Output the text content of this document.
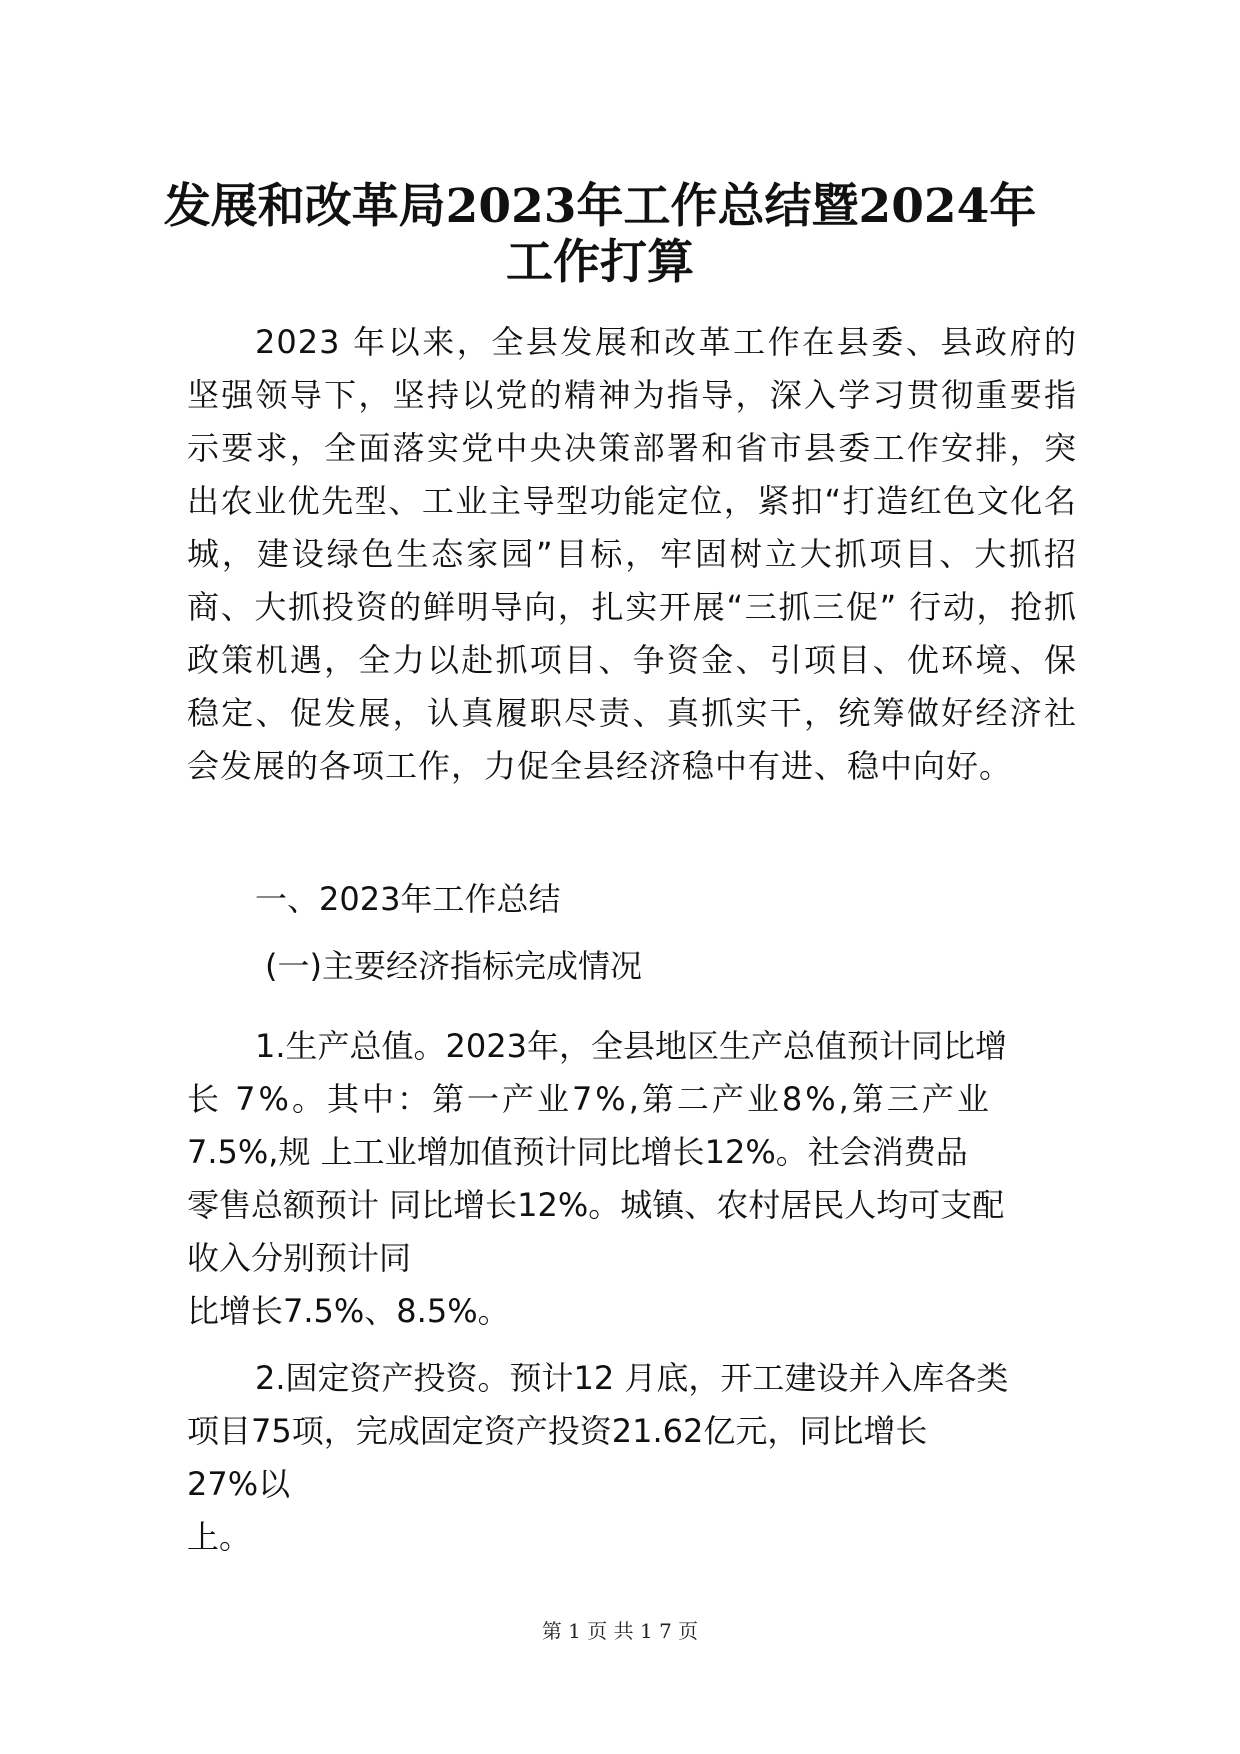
发展和改革局2023年工作总结暨2024年
工作打算
2023 年以来，全县发展和改革工作在县委、县政府的坚强领导下，坚持以党的精神为指导，深入学习贯彻重要指示要求，全面落实党中央决策部署和省市县委工作安排，突出农业优先型、工业主导型功能定位，紧扣“打造红色文化名城，建设绿色生态家园”目标，牢固树立大抓项目、大抓招商、大抓投资的鲜明导向，扎实开展“三抓三促” 行动，抢抓政策机遇，全力以赴抓项目、争资金、引项目、优环境、保稳定、促发展，认真履职尽责、真抓实干，统筹做好经济社会发展的各项工作，力促全县经济稳中有进、稳中向好。
一、2023年工作总结
(一)主要经济指标完成情况
1.生产总值。2023年，全县地区生产总值预计同比增
长 7%。其中：第一产业7%,第二产业8%,第三产业
7.5%,规 上工业增加值预计同比增长12%。社会消费品
零售总额预计 同比增长12%。城镇、农村居民人均可支配
收入分别预计同
比增长7.5%、8.5%。
2.固定资产投资。预计12 月底，开工建设并入库各类
项目75项，完成固定资产投资21.62亿元，同比增长
27%以
上。
第 1 页 共 1 7 页
